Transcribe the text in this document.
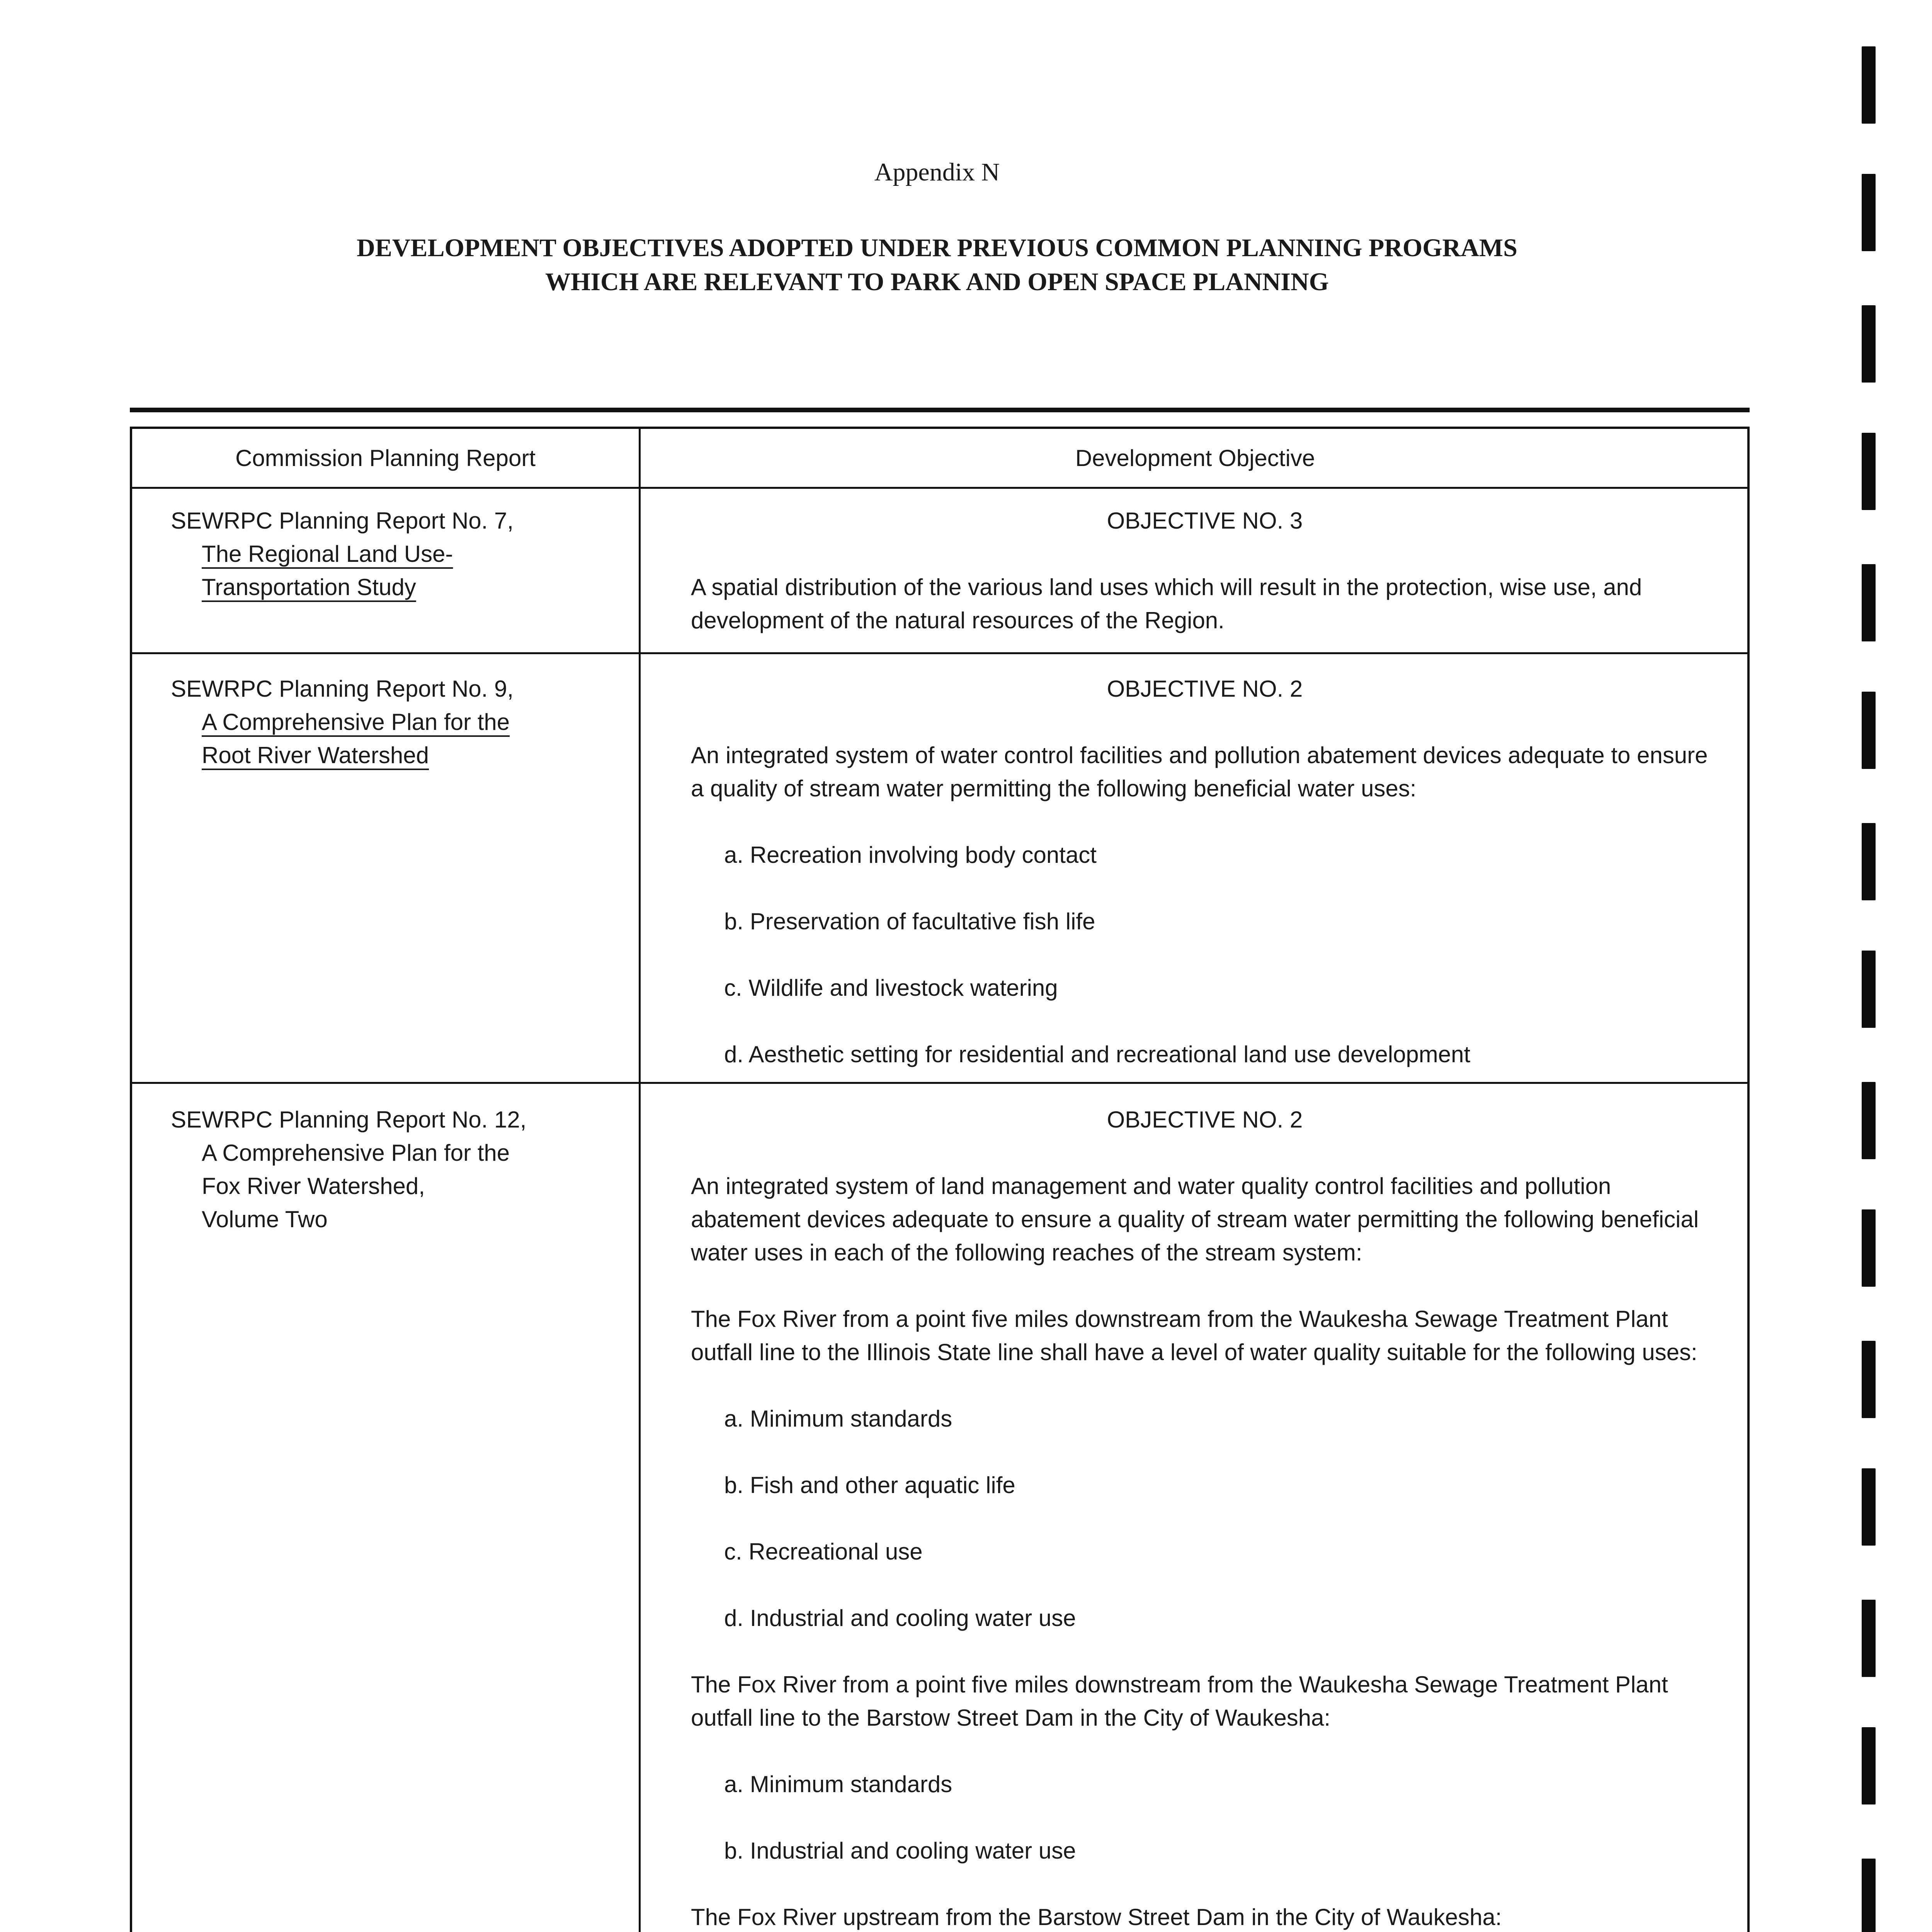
Appendix N
DEVELOPMENT OBJECTIVES ADOPTED UNDER PREVIOUS COMMON PLANNING PROGRAMS
WHICH ARE RELEVANT TO PARK AND OPEN SPACE PLANNING
Commission Planning Report	Development Objective
SEWRPC Planning Report No. 7,
The Regional Land Use-
Transportation Study
OBJECTIVE NO. 3

A spatial distribution of the various land uses which will result in the protection, wise use, and development of the natural resources of the Region.

SEWRPC Planning Report No. 9,
A Comprehensive Plan for the
Root River Watershed
OBJECTIVE NO. 2

An integrated system of water control facilities and pollution abatement devices adequate to ensure a quality of stream water permitting the following beneficial water uses:

a. Recreation involving body contact

b. Preservation of facultative fish life

c. Wildlife and livestock watering

d. Aesthetic setting for residential and recreational land use development

SEWRPC Planning Report No. 12,
A Comprehensive Plan for the
Fox River Watershed,
Volume Two
OBJECTIVE NO. 2

An integrated system of land management and water quality control facilities and pollution abatement devices adequate to ensure a quality of stream water permitting the following beneficial water uses in each of the following reaches of the stream system:

The Fox River from a point five miles downstream from the Waukesha Sewage Treatment Plant outfall line to the Illinois State line shall have a level of water quality suitable for the following uses:

a. Minimum standards

b. Fish and other aquatic life

c. Recreational use

d. Industrial and cooling water use

The Fox River from a point five miles downstream from the Waukesha Sewage Treatment Plant outfall line to the Barstow Street Dam in the City of Waukesha:

a. Minimum standards

b. Industrial and cooling water use

The Fox River upstream from the Barstow Street Dam in the City of Waukesha:
